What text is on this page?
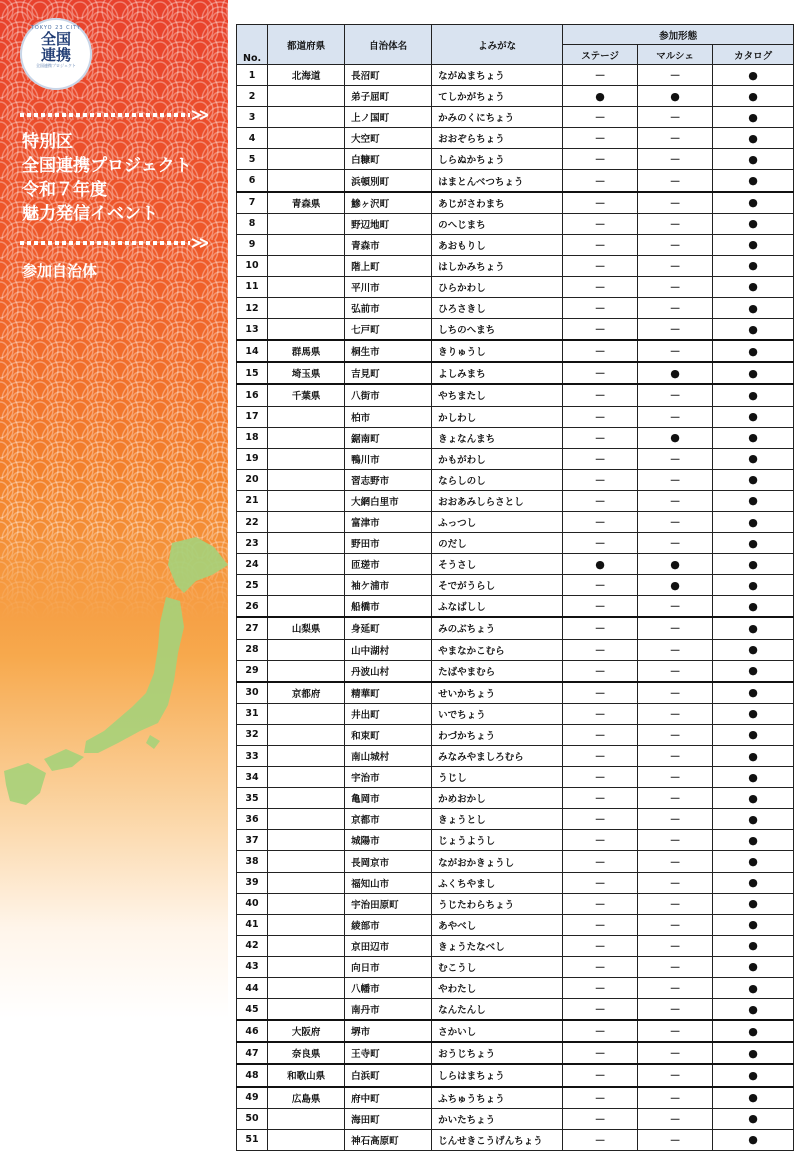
TOKYO 23 CITY
全国
連携
全国連携プロジェクト
特別区
全国連携プロジェクト
令和７年度
魅力発信イベント
参加自治体
No.	都道府県	自治体名	よみがな	参加形態		
				ステージ	マルシェ	カタログ
1	北海道	長沼町	ながぬまちょう	－	－	●
2		弟子屈町	てしかがちょう	●	●	●
3		上ノ国町	かみのくにちょう	－	－	●
4		大空町	おおぞらちょう	－	－	●
5		白糠町	しらぬかちょう	－	－	●
6		浜頓別町	はまとんべつちょう	－	－	●
7	青森県	鰺ヶ沢町	あじがさわまち	－	－	●
8		野辺地町	のへじまち	－	－	●
9		青森市	あおもりし	－	－	●
10		階上町	はしかみちょう	－	－	●
11		平川市	ひらかわし	－	－	●
12		弘前市	ひろさきし	－	－	●
13		七戸町	しちのへまち	－	－	●
14	群馬県	桐生市	きりゅうし	－	－	●
15	埼玉県	吉見町	よしみまち	－	●	●
16	千葉県	八街市	やちまたし	－	－	●
17		柏市	かしわし	－	－	●
18		鋸南町	きょなんまち	－	●	●
19		鴨川市	かもがわし	－	－	●
20		習志野市	ならしのし	－	－	●
21		大網白里市	おおあみしらさとし	－	－	●
22		富津市	ふっつし	－	－	●
23		野田市	のだし	－	－	●
24		匝瑳市	そうさし	●	●	●
25		袖ケ浦市	そでがうらし	－	●	●
26		船橋市	ふなばしし	－	－	●
27	山梨県	身延町	みのぶちょう	－	－	●
28		山中湖村	やまなかこむら	－	－	●
29		丹波山村	たばやまむら	－	－	●
30	京都府	精華町	せいかちょう	－	－	●
31		井出町	いでちょう	－	－	●
32		和束町	わづかちょう	－	－	●
33		南山城村	みなみやましろむら	－	－	●
34		宇治市	うじし	－	－	●
35		亀岡市	かめおかし	－	－	●
36		京都市	きょうとし	－	－	●
37		城陽市	じょうようし	－	－	●
38		長岡京市	ながおかきょうし	－	－	●
39		福知山市	ふくちやまし	－	－	●
40		宇治田原町	うじたわらちょう	－	－	●
41		綾部市	あやべし	－	－	●
42		京田辺市	きょうたなべし	－	－	●
43		向日市	むこうし	－	－	●
44		八幡市	やわたし	－	－	●
45		南丹市	なんたんし	－	－	●
46	大阪府	堺市	さかいし	－	－	●
47	奈良県	王寺町	おうじちょう	－	－	●
48	和歌山県	白浜町	しらはまちょう	－	－	●
49	広島県	府中町	ふちゅうちょう	－	－	●
50		海田町	かいたちょう	－	－	●
51		神石高原町	じんせきこうげんちょう	－	－	●
